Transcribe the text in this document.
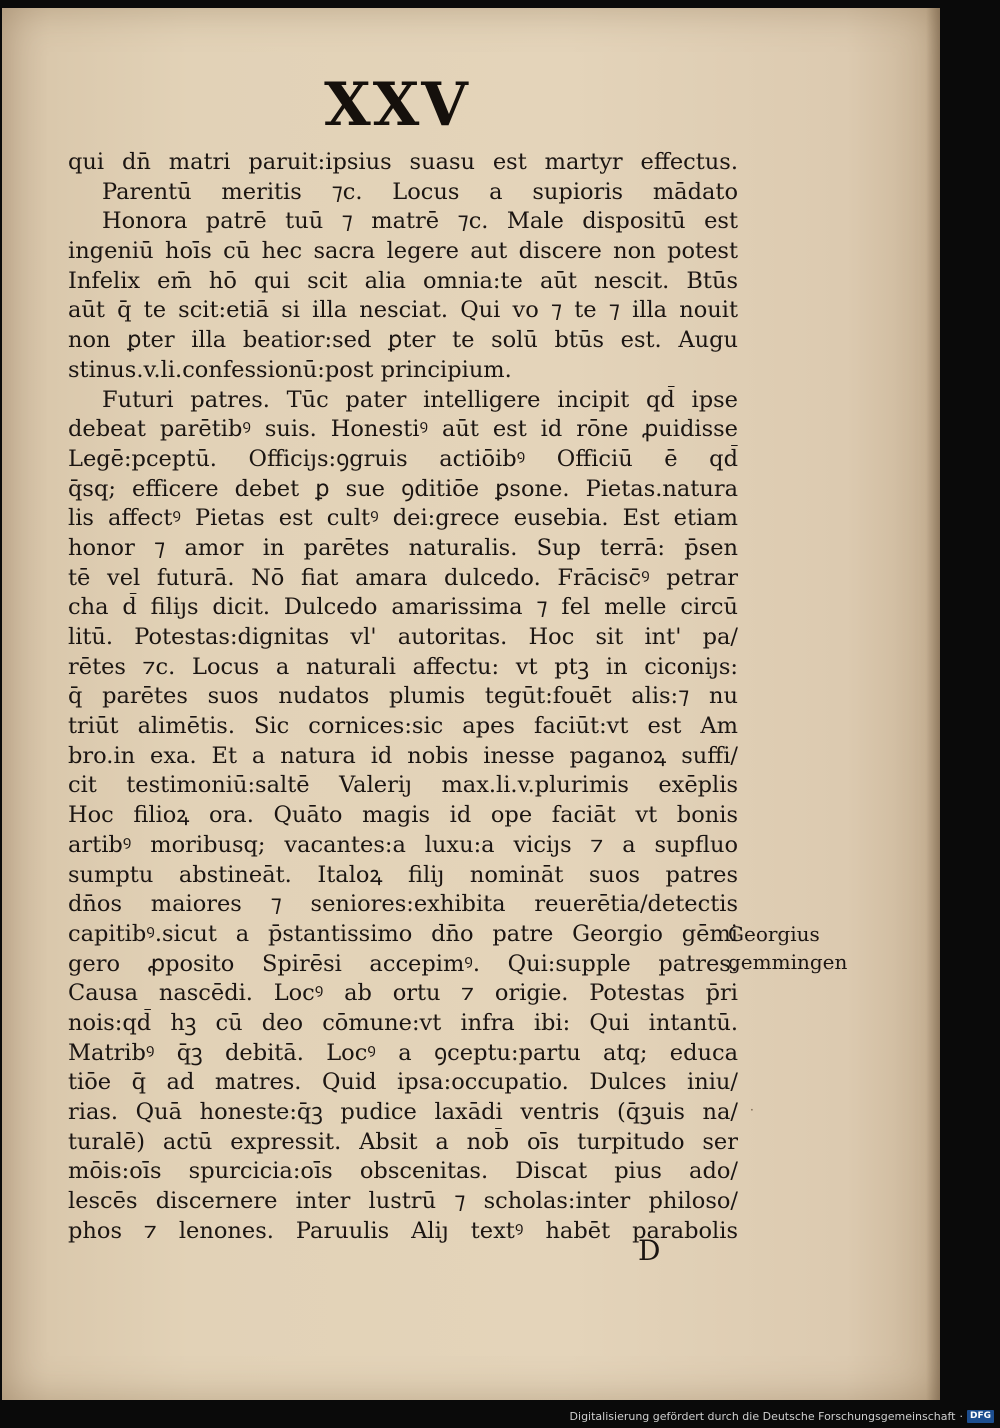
XXV
qui dn̄ matri paruit:ipsius suasu est martyr effectus.
Parentū meritis ⁊c. Locus a supioris mādato
Honora patrē tuū ⁊ matrē ⁊c. Male dispositū est
ingeniū hoīs cū hec sacra legere aut discere non potest
Infelix em̄ hō qui scit alia omnia:te aūt nescit. Btūs
aūt q̄ te scit:etiā si illa nesciat. Qui vo ⁊ te ⁊ illa nouit
non ꝑter illa beatior:sed ꝑter te solū btūs est. Augu
stinus.v.li.confessionū:post principium.
Futuri patres. Tūc pater intelligere incipit qd̄ ipse
debeat parētibꝰ suis. Honestiꝰ aūt est id rōne ꝓuidisse
Legē:pceptū. Officiȷs:ꝯgruis actiōibꝰ Officiū ē qd̄
q̄sq; efficere debet ꝑ sue ꝯditiōe ꝑsone. Pietas.natura
lis affectꝰ Pietas est cultꝰ dei:grece eusebia. Est etiam
honor ⁊ amor in parētes naturalis. Sup terrā: p̄sen
tē vel futurā. Nō fiat amara dulcedo. Frācisc̄ꝰ petrar
cha d̄ filiȷs dicit. Dulcedo amarissima ⁊ fel melle circū
litū. Potestas:dignitas vl' autoritas. Hoc sit int' pa/
rētes ⁊c. Locus a naturali affectu: vt ptꝫ in ciconiȷs:
q̄ parētes suos nudatos plumis tegūt:fouēt alis:⁊ nu
triūt alimētis. Sic cornices:sic apes faciūt:vt est Am
bro.in exa. Et a natura id nobis inesse paganoꝝ suffi/
cit testimoniū:saltē Valeriȷ max.li.v.plurimis exēplis
Hoc filioꝝ ora. Quāto magis id ope faciāt vt bonis
artibꝰ moribusq; vacantes:a luxu:a viciȷs ⁊ a supfluo
sumptu abstineāt. Italoꝝ filiȷ nomināt suos patres
dn̄os maiores ⁊ seniores:exhibita reuerētia/detectis
capitibꝰ.sicut a p̄stantissimo dn̄o patre Georgio gēmi
gero ꝓposito Spirēsi accepimꝰ. Qui:supple patres.
Causa nascēdi. Locꝰ ab ortu ⁊ origie. Potestas p̄ri
nois:qd̄ hꝫ cū deo cōmune:vt infra ibi: Qui intantū.
Matribꝰ q̄ꝫ debitā. Locꝰ a ꝯceptu:partu atq; educa
tiōe q̄ ad matres. Quid ipsa:occupatio. Dulces iniu/
rias. Quā honeste:q̄ꝫ pudice laxādi ventris (q̄ꝫuis na/
turalē) actū expressit. Absit a nob̄ oīs turpitudo ser
mōis:oīs spurcicia:oīs obscenitas. Discat pius ado/
lescēs discernere inter lustrū ⁊ scholas:inter philoso/
phos ⁊ lenones. Paruulis Aliȷ textꝰ habēt parabolis
Georgius
gemmingen
·
D
Digitalisierung gefördert durch die Deutsche Forschungsgemeinschaft · DFG
